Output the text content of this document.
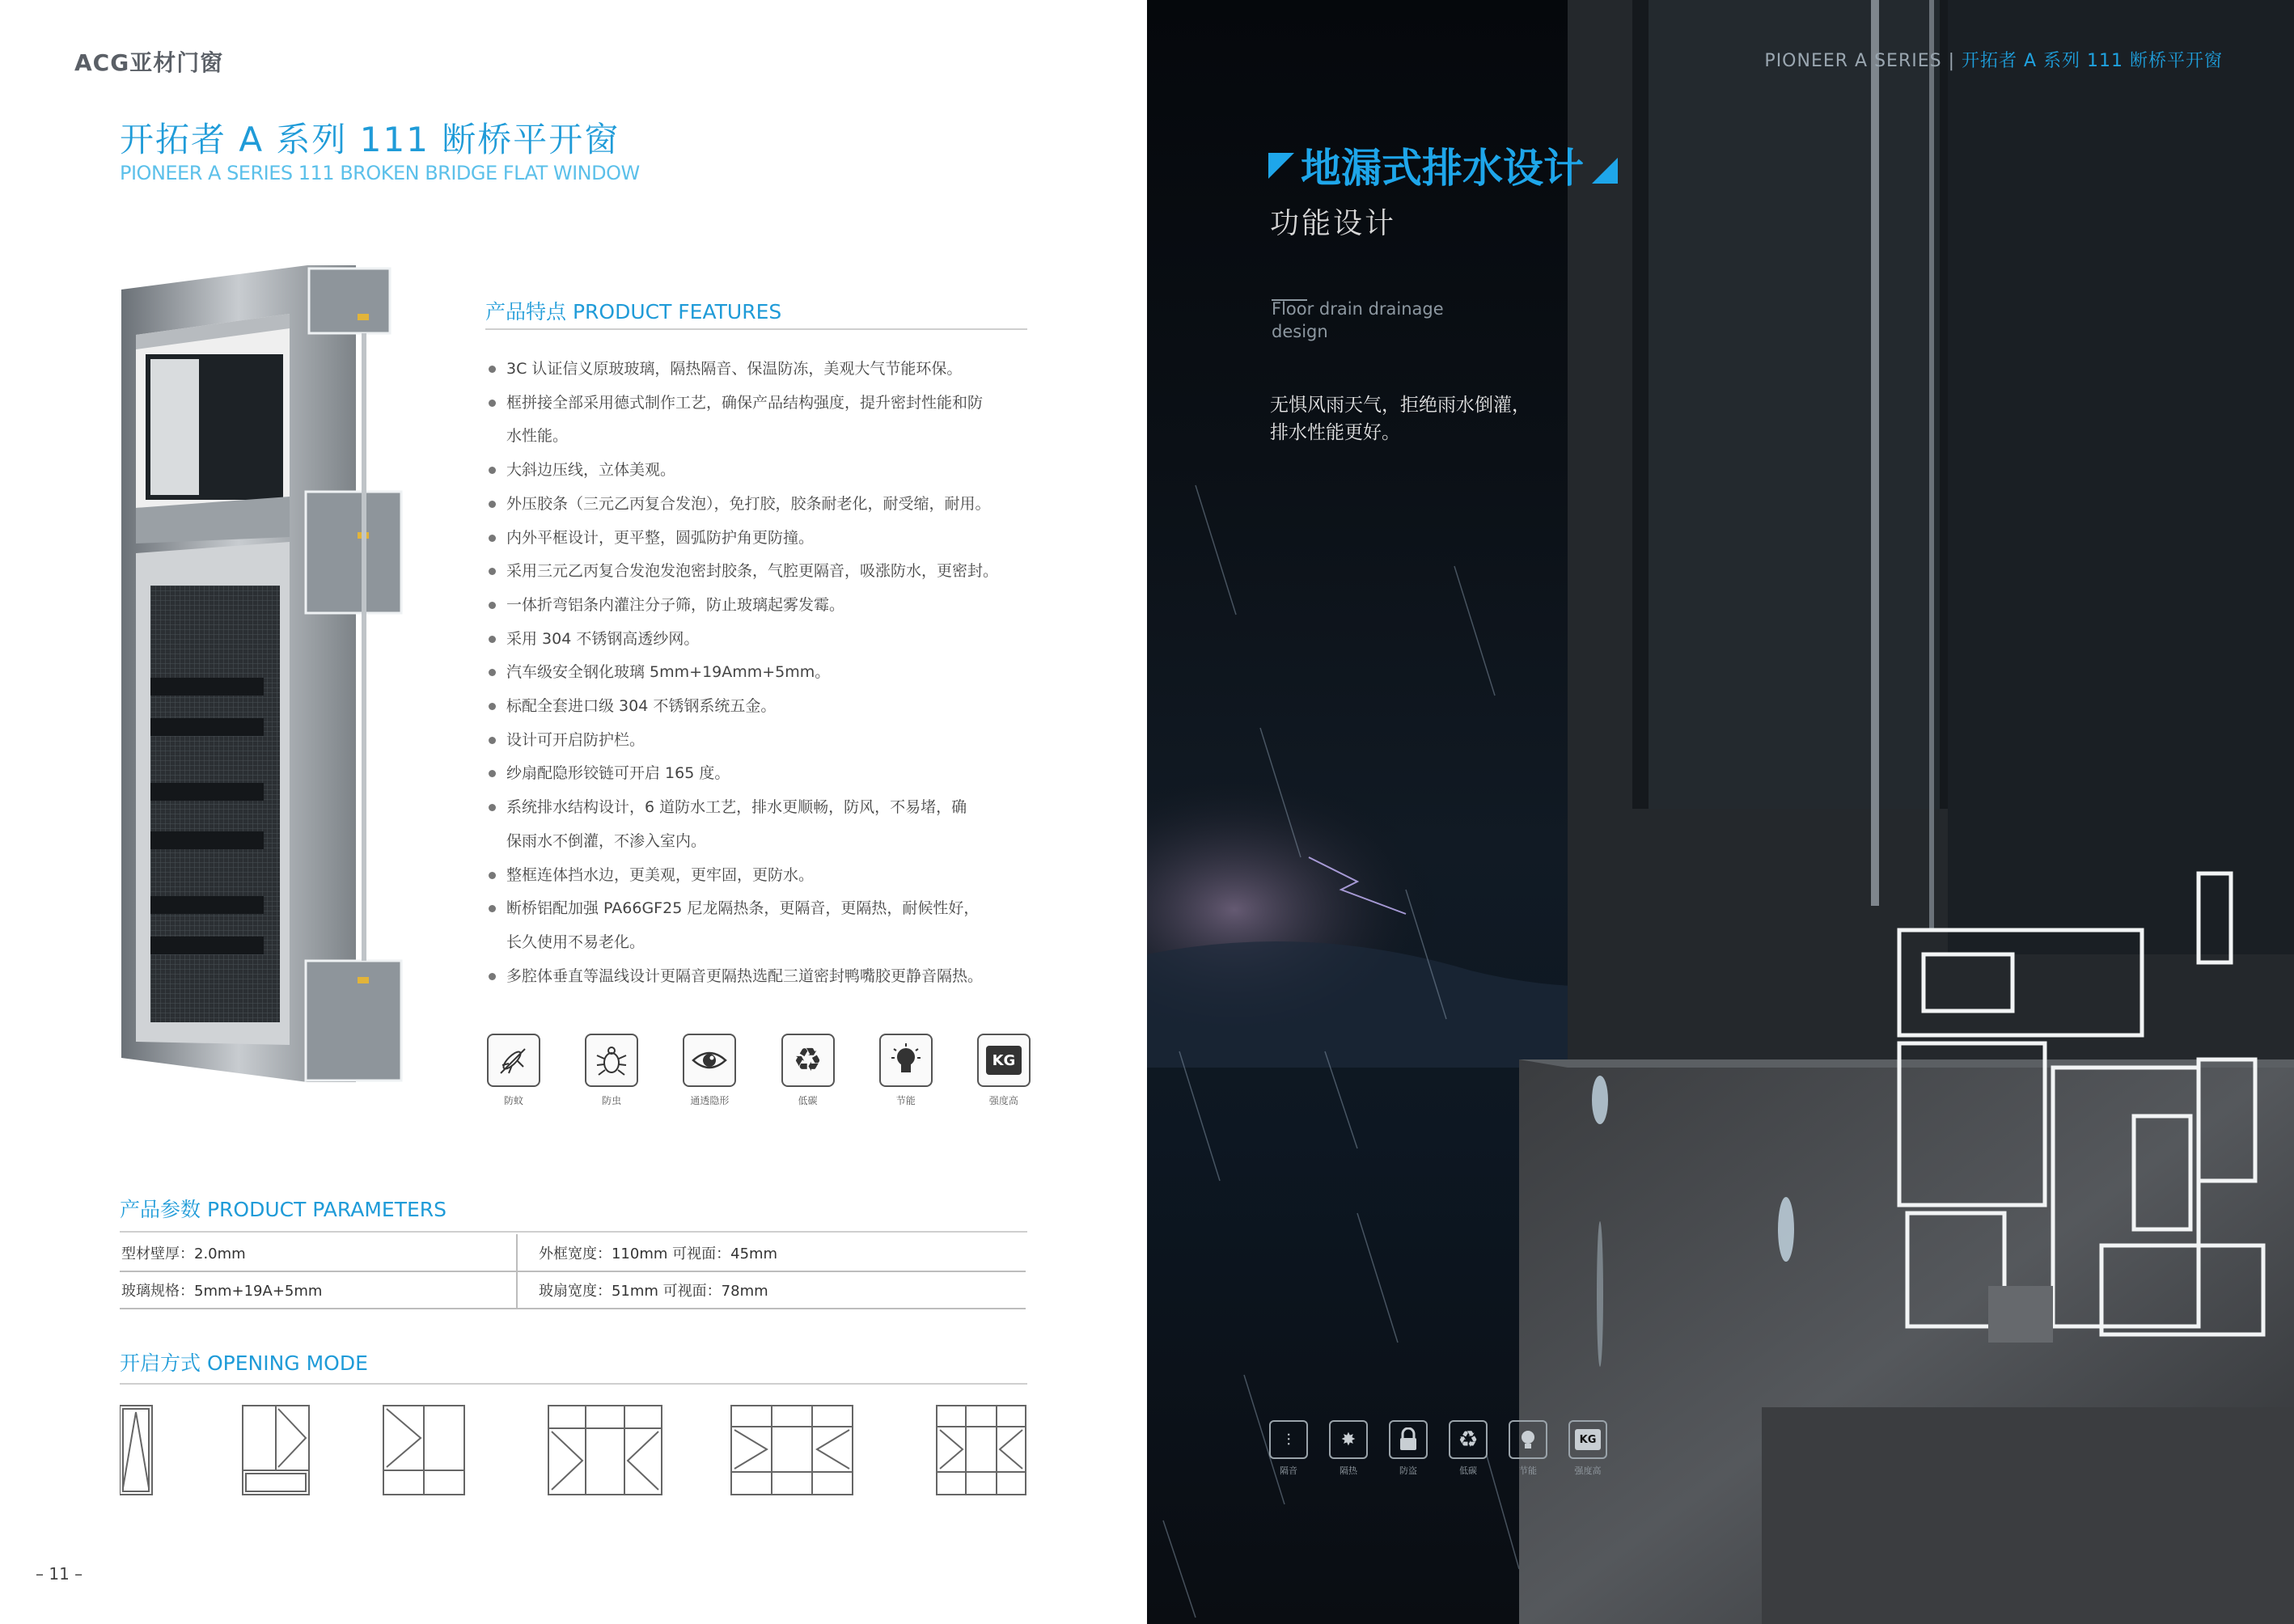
ACG亚材门窗
开拓者 A 系列 111 断桥平开窗
PIONEER A SERIES 111 BROKEN BRIDGE FLAT WINDOW
产品特点 PRODUCT FEATURES
3C 认证信义原玻玻璃，隔热隔音、保温防冻，美观大气节能环保。
框拼接全部采用德式制作工艺，确保产品结构强度，提升密封性能和防
水性能。
大斜边压线，立体美观。
外压胶条（三元乙丙复合发泡），免打胶，胶条耐老化，耐受缩，耐用。
内外平框设计，更平整，圆弧防护角更防撞。
采用三元乙丙复合发泡发泡密封胶条，气腔更隔音，吸涨防水，更密封。
一体折弯铝条内灌注分子筛，防止玻璃起雾发霉。
采用 304 不锈钢高透纱网。
汽车级安全钢化玻璃 5mm+19Amm+5mm。
标配全套进口级 304 不锈钢系统五金。
设计可开启防护栏。
纱扇配隐形铰链可开启 165 度。
系统排水结构设计，6 道防水工艺，排水更顺畅，防风，不易堵，确
保雨水不倒灌，不渗入室内。
整框连体挡水边，更美观，更牢固，更防水。
断桥铝配加强 PA66GF25 尼龙隔热条，更隔音，更隔热，耐候性好，
长久使用不易老化。
多腔体垂直等温线设计更隔音更隔热选配三道密封鸭嘴胶更静音隔热。
防蚊	防虫	通透隐形
♻
低碳	节能
KG
强度高
产品参数 PRODUCT PARAMETERS
型材壁厚：2.0mm	外框宽度：110mm 可视面：45mm
玻璃规格：5mm+19A+5mm	玻扇宽度：51mm 可视面：78mm
开启方式 OPENING MODE
– 11 –
PIONEER A SERIES | 开拓者 A 系列 111 断桥平开窗
地漏式排水设计
功能设计
Floor drain drainage
design
无惧风雨天气，拒绝雨水倒灌，
排水性能更好。
⫶
隔音
✸
隔热	防盗
♻
低碳	节能
KG
强度高
